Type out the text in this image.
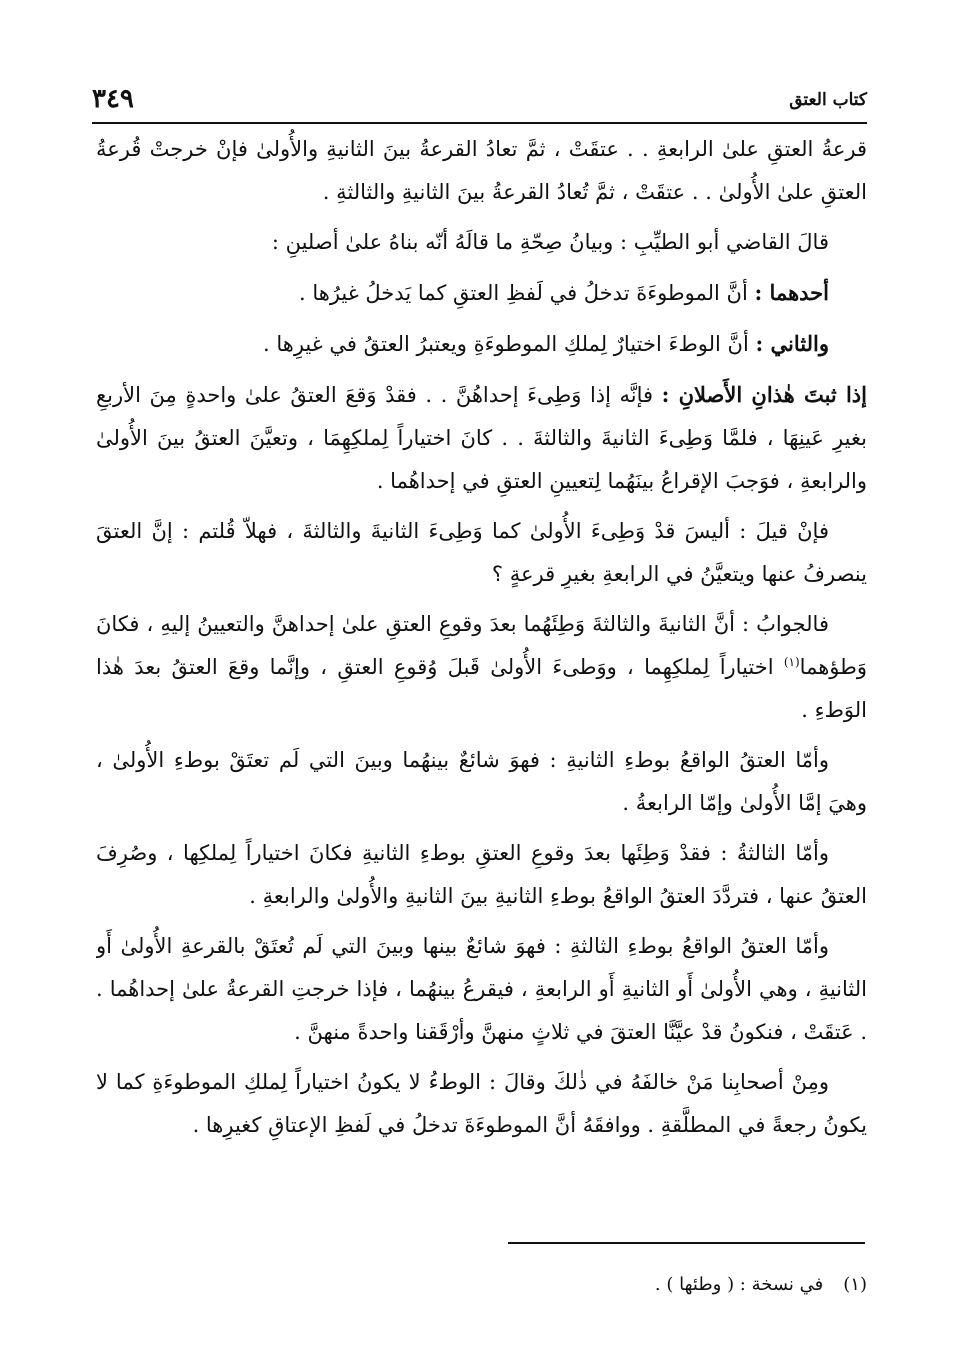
كتاب العتق
٣٤٩

قرعةُ العتقِ علىٰ الرابعةِ . . عتقَتْ ، ثمَّ تعادُ القرعةُ بينَ الثانيةِ والأُولىٰ فإنْ خرجتْ قُرعةُ العتقِ علىٰ الأُولىٰ . . عتقَتْ ، ثمَّ تُعادُ القرعةُ بينَ الثانيةِ والثالثةِ .

قالَ القاضي أبو الطيِّبِ : وبيانُ صِحّةِ ما قالَهُ أنّه بناهُ علىٰ أصلينِ :

أحدهما : أنَّ الموطوءَةَ تدخلُ في لَفظِ العتقِ كما يَدخلُ غيرُها .

والثاني : أنَّ الوطءَ اختيارٌ لِملكِ الموطوءَةِ ويعتبرُ العتقُ في غيرِها .

إذا ثبتَ هٰذانِ الأَصلانِ : فإنَّه إذا وَطِىءَ إحداهُنَّ . . فقدْ وَقعَ العتقُ علىٰ واحدةٍ مِنَ الأربعِ بغيرِ عَينِهَا ، فلمَّا وَطِىءَ الثانيةَ والثالثةَ . . كانَ اختياراً لِملكِهِمَا ، وتعيَّنَ العتقُ بينَ الأُولىٰ والرابعةِ ، فوَجبَ الإقراعُ بينَهُما لِتعيينِ العتقِ في إحداهُما .

فإنْ قيلَ : أليسَ قدْ وَطِىءَ الأُولىٰ كما وَطِىءَ الثانيةَ والثالثةَ ، فهلاّ قُلتم : إنَّ العتقَ ينصرفُ عنها ويتعيَّنُ في الرابعةِ بغيرِ قرعةٍ ؟

فالجوابُ : أنَّ الثانيةَ والثالثةَ وَطِئَهُما بعدَ وقوعِ العتقِ علىٰ إحداهنَّ والتعيينُ إليهِ ، فكانَ وَطؤهما$^{(١)}$ اختياراً لِملكِهِما ، ووَطىءَ الأُولىٰ قَبلَ وُقوعِ العتقِ ، وإنَّما وقعَ العتقُ بعدَ هٰذا الوَطءِ .

وأمّا العتقُ الواقعُ بوطءِ الثانيةِ : فهوَ شائعٌ بينهُما وبينَ التي لَم تعتَقْ بوطءِ الأُولىٰ ، وهيَ إمَّا الأُولىٰ وإمّا الرابعةُ .

وأمّا الثالثةُ : فقدْ وَطِئَها بعدَ وقوعِ العتقِ بوطءِ الثانيةِ فكانَ اختياراً لِملكِها ، وصُرِفَ العتقُ عنها ، فتردَّدَ العتقُ الواقعُ بوطءِ الثانيةِ بينَ الثانيةِ والأُولىٰ والرابعةِ .

وأمّا العتقُ الواقعُ بوطءِ الثالثةِ : فهوَ شائعٌ بينها وبينَ التي لَم تُعتَقْ بالقرعةِ الأُولىٰ أَو الثانيةِ ، وهي الأُولىٰ أَو الثانيةِ أَو الرابعةِ ، فيقرعُ بينهُما ، فإذا خرجتِ القرعةُ علىٰ إحداهُما . . عَتقَتْ ، فنكونُ قدْ عيَّنَّا العتقَ في ثلاثٍ منهنَّ وأرْقَقنا واحدةً منهنَّ .

ومِنْ أصحابِنا مَنْ خالفَهُ في ذٰلكَ وقالَ : الوطءُ لا يكونُ اختياراً لِملكِ الموطوءَةِ كما لا يكونُ رجعةً في المطلَّقةِ . ووافقَهُ أنَّ الموطوءَةَ تدخلُ في لَفظِ الإعتاقِ كغيرِها .

(١)في نسخة : ( وطئها ) .
